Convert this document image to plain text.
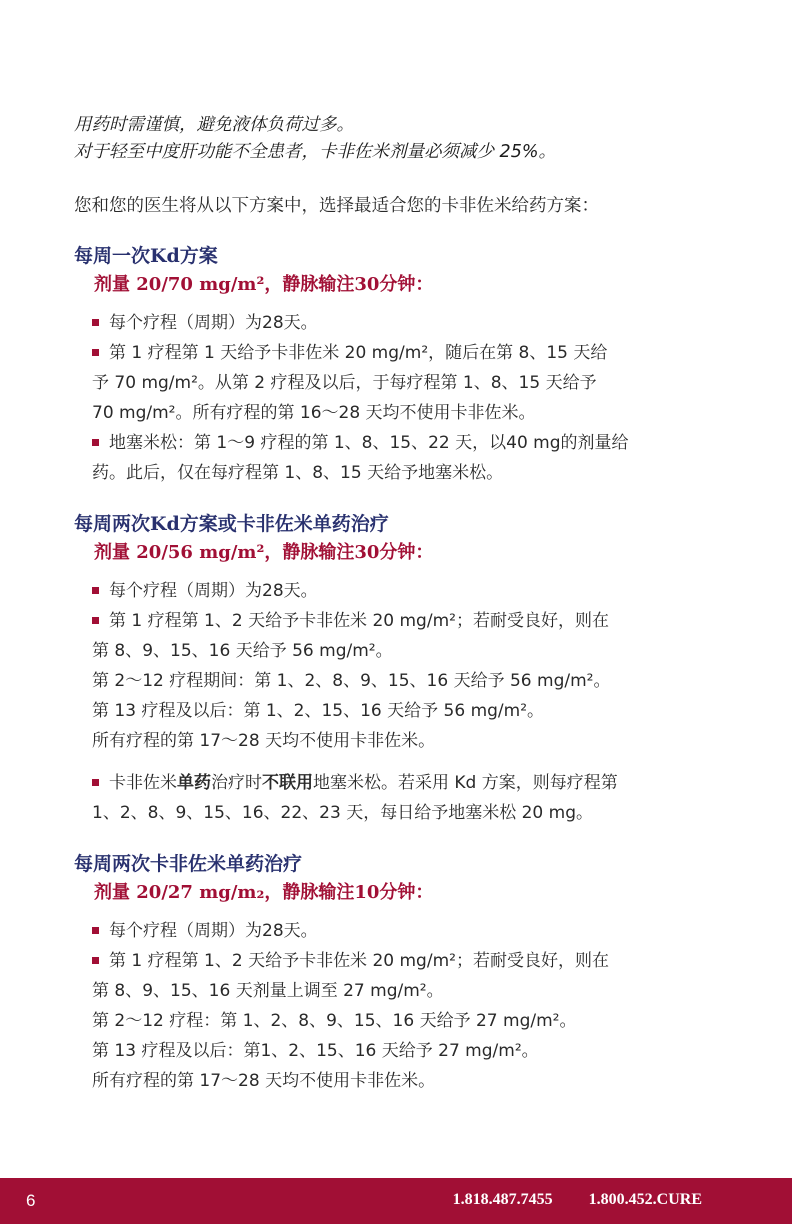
用药时需谨慎，避免液体负荷过多。
对于轻至中度肝功能不全患者，卡非佐米剂量必须减少 25%。
您和您的医生将从以下方案中，选择最适合您的卡非佐米给药方案：
每周一次Kd方案
剂量 20/70 mg/m²，静脉输注30分钟：
每个疗程（周期）为28天。
第 1 疗程第 1 天给予卡非佐米 20 mg/m²，随后在第 8、15 天给
予 70 mg/m²。从第 2 疗程及以后，于每疗程第 1、8、15 天给予
70 mg/m²。所有疗程的第 16～28 天均不使用卡非佐米。
地塞米松：第 1～9 疗程的第 1、8、15、22 天，以40 mg的剂量给
药。此后，仅在每疗程第 1、8、15 天给予地塞米松。
每周两次Kd方案或卡非佐米单药治疗
剂量 20/56 mg/m²，静脉输注30分钟：
每个疗程（周期）为28天。
第 1 疗程第 1、2 天给予卡非佐米 20 mg/m²；若耐受良好，则在
第 8、9、15、16 天给予 56 mg/m²。
第 2～12 疗程期间：第 1、2、8、9、15、16 天给予 56 mg/m²。
第 13 疗程及以后：第 1、2、15、16 天给予 56 mg/m²。
所有疗程的第 17～28 天均不使用卡非佐米。
卡非佐米单药治疗时不联用地塞米松。若采用 Kd 方案，则每疗程第
1、2、8、9、15、16、22、23 天，每日给予地塞米松 20 mg。
每周两次卡非佐米单药治疗
剂量 20/27 mg/m₂，静脉输注10分钟：
每个疗程（周期）为28天。
第 1 疗程第 1、2 天给予卡非佐米 20 mg/m²；若耐受良好，则在
第 8、9、15、16 天剂量上调至 27 mg/m²。
第 2～12 疗程：第 1、2、8、9、15、16 天给予 27 mg/m²。
第 13 疗程及以后：第1、2、15、16 天给予 27 mg/m²。
所有疗程的第 17～28 天均不使用卡非佐米。
6	1.818.487.7455 1.800.452.CURE
